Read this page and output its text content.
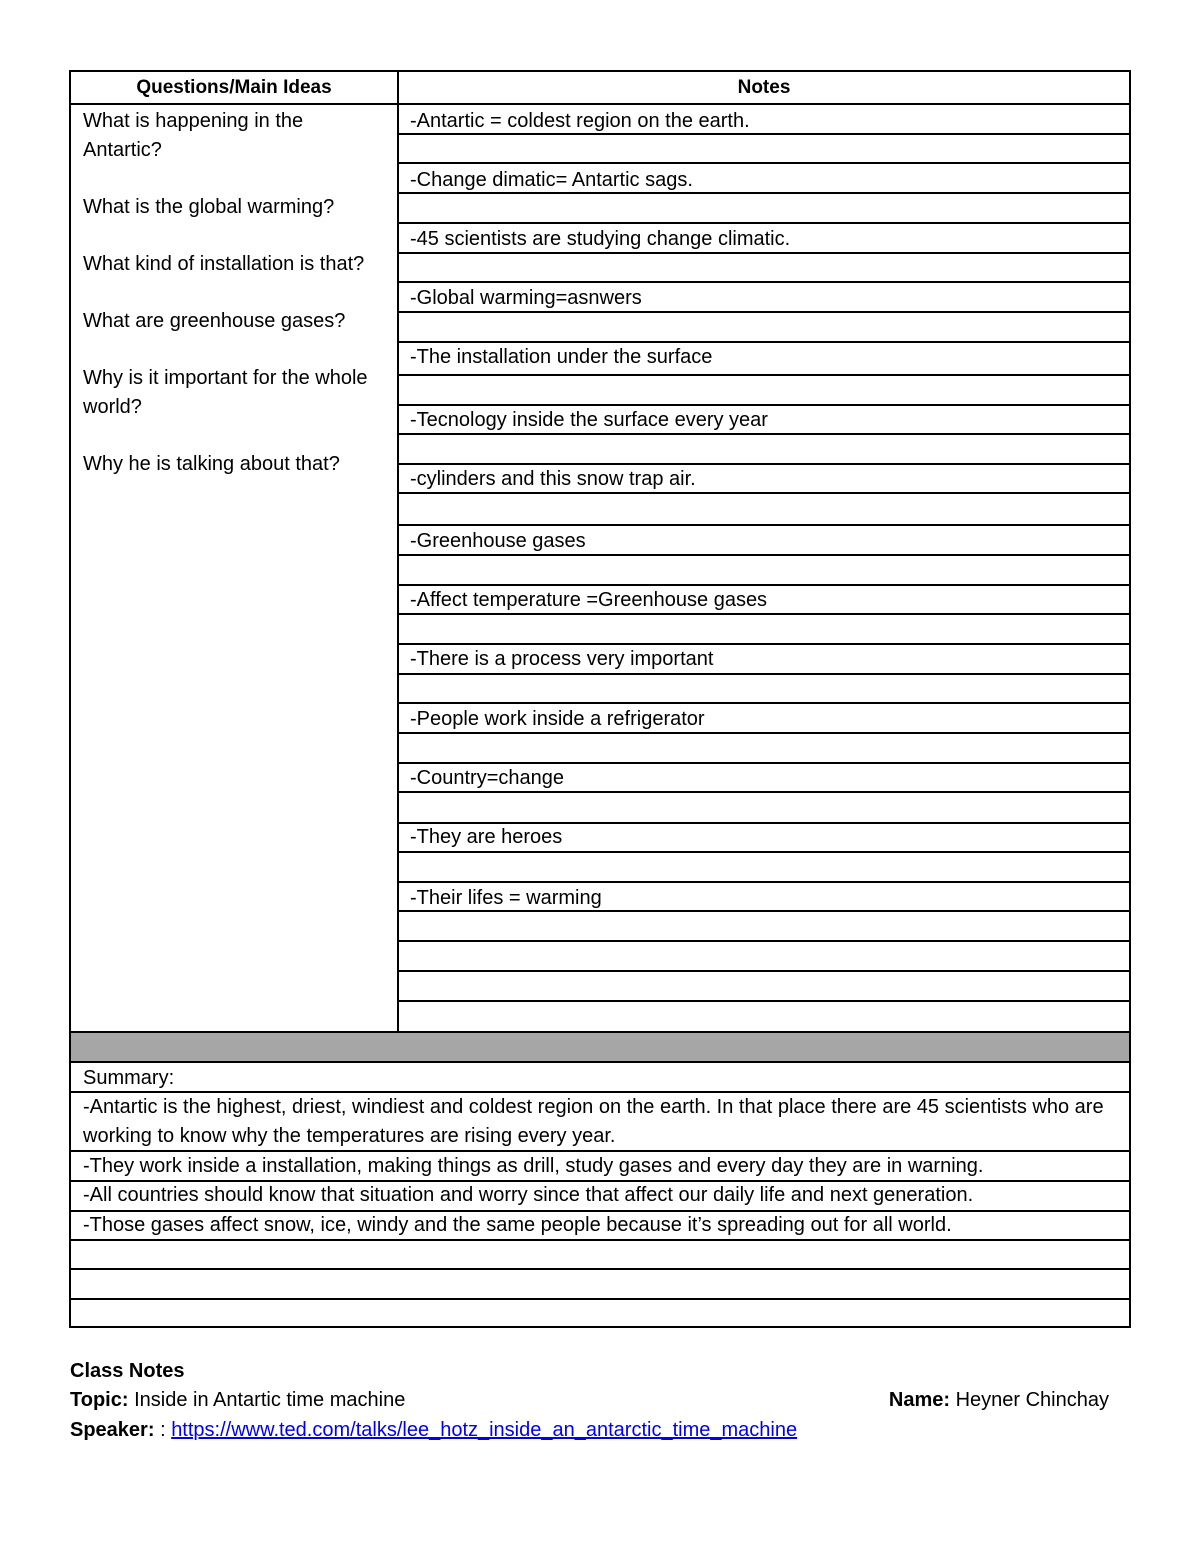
Questions/Main Ideas	Notes
What is happening in the Antartic?
What is the global warming?
What kind of installation is that?
What are greenhouse gases?
Why is it important for the whole world?
Why he is talking about that?
-Antartic = coldest region on the earth.
-Change dimatic= Antartic sags.
-45 scientists are studying change climatic.
-Global warming=asnwers
-The installation under the surface
-Tecnology inside the surface every year
-cylinders and this snow trap air.
-Greenhouse gases
-Affect temperature =Greenhouse gases
-There is a process very important
-People work inside a refrigerator
-Country=change
-They are heroes
-Their lifes = warming
Summary:
-Antartic is the highest, driest, windiest and coldest region on the earth. In that place there are 45 scientists who are working to know why the temperatures are rising every year.
-They work inside a installation, making things as drill, study gases and every day they are in warning.
-All countries should know that situation and worry since that affect our daily life and next generation.
-Those gases affect snow, ice, windy and the same people because it’s spreading out for all world.
Class Notes
Topic: Inside in Antartic time machine	Name: Heyner Chinchay
Speaker: : https://www.ted.com/talks/lee_hotz_inside_an_antarctic_time_machine
